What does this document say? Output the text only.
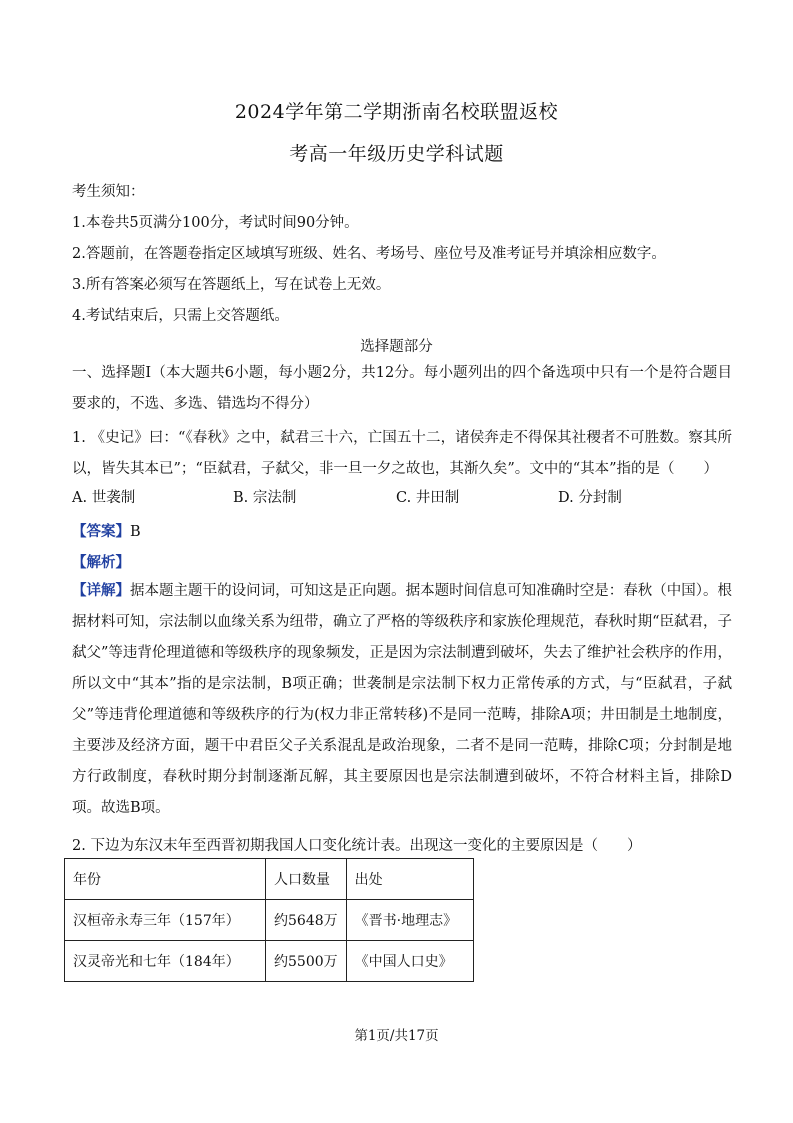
2024学年第二学期浙南名校联盟返校
考高一年级历史学科试题
考生须知：
1.本卷共5页满分100分，考试时间90分钟。
2.答题前，在答题卷指定区域填写班级、姓名、考场号、座位号及准考证号并填涂相应数字。
3.所有答案必须写在答题纸上，写在试卷上无效。
4.考试结束后，只需上交答题纸。
选择题部分
一、选择题Ⅰ（本大题共6小题，每小题2分，共12分。每小题列出的四个备选项中只有一个是符合题目要求的，不选、多选、错选均不得分）
1. 《史记》曰：“《春秋》之中，弑君三十六，亡国五十二，诸侯奔走不得保其社稷者不可胜数。察其所以，皆失其本已”；“臣弑君，子弑父，非一旦一夕之故也，其渐久矣”。文中的“其本”指的是（　　）
A. 世袭制	B. 宗法制	C. 井田制	D. 分封制
【答案】B
【解析】
【详解】据本题主题干的设问词，可知这是正向题。据本题时间信息可知准确时空是：春秋（中国）。根据材料可知，宗法制以血缘关系为纽带，确立了严格的等级秩序和家族伦理规范，春秋时期“臣弑君，子弑父”等违背伦理道德和等级秩序的现象频发，正是因为宗法制遭到破坏，失去了维护社会秩序的作用，所以文中“其本”指的是宗法制，B项正确；世袭制是宗法制下权力正常传承的方式，与“臣弑君，子弑父”等违背伦理道德和等级秩序的行为(权力非正常转移)不是同一范畴，排除A项；井田制是土地制度，主要涉及经济方面，题干中君臣父子关系混乱是政治现象，二者不是同一范畴，排除C项；分封制是地方行政制度，春秋时期分封制逐渐瓦解，其主要原因也是宗法制遭到破坏，不符合材料主旨，排除D项。故选B项。
2. 下边为东汉末年至西晋初期我国人口变化统计表。出现这一变化的主要原因是（　　）
年份	人口数量	出处
汉桓帝永寿三年（157年）	约5648万	《晋书·地理志》
汉灵帝光和七年（184年）	约5500万	《中国人口史》
第1页/共17页
